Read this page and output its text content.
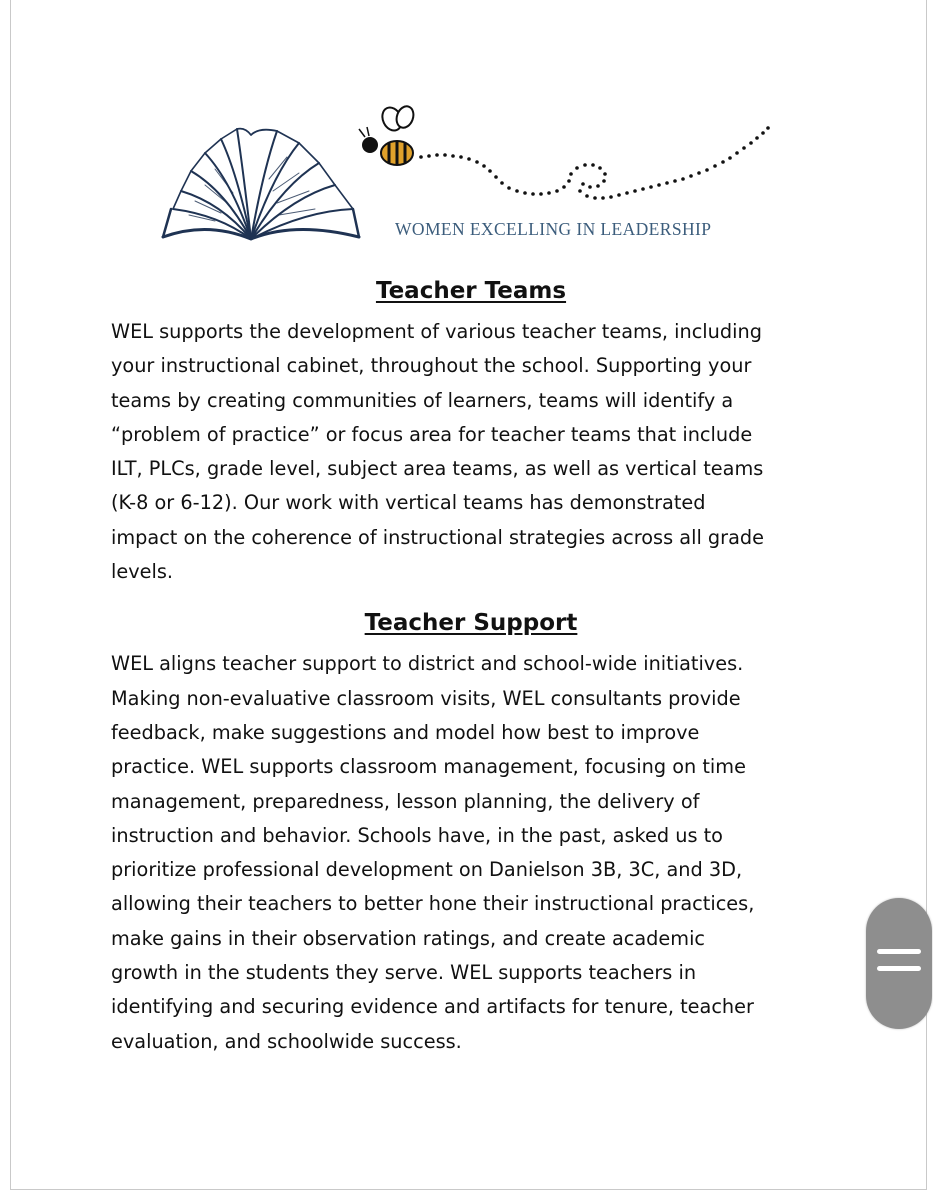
WOMEN EXCELLING IN LEADERSHIP
Teacher Teams

WEL supports the development of various teacher teams, including
your instructional cabinet, throughout the school. Supporting your
teams by creating communities of learners, teams will identify a
“problem of practice” or focus area for teacher teams that include
ILT, PLCs, grade level, subject area teams, as well as vertical teams
(K-8 or 6-12). Our work with vertical teams has demonstrated
impact on the coherence of instructional strategies across all grade
levels.

Teacher Support

WEL aligns teacher support to district and school-wide initiatives.
Making non-evaluative classroom visits, WEL consultants provide
feedback, make suggestions and model how best to improve
practice. WEL supports classroom management, focusing on time
management, preparedness, lesson planning, the delivery of
instruction and behavior. Schools have, in the past, asked us to
prioritize professional development on Danielson 3B, 3C, and 3D,
allowing their teachers to better hone their instructional practices,
make gains in their observation ratings, and create academic
growth in the students they serve. WEL supports teachers in
identifying and securing evidence and artifacts for tenure, teacher
evaluation, and schoolwide success.
